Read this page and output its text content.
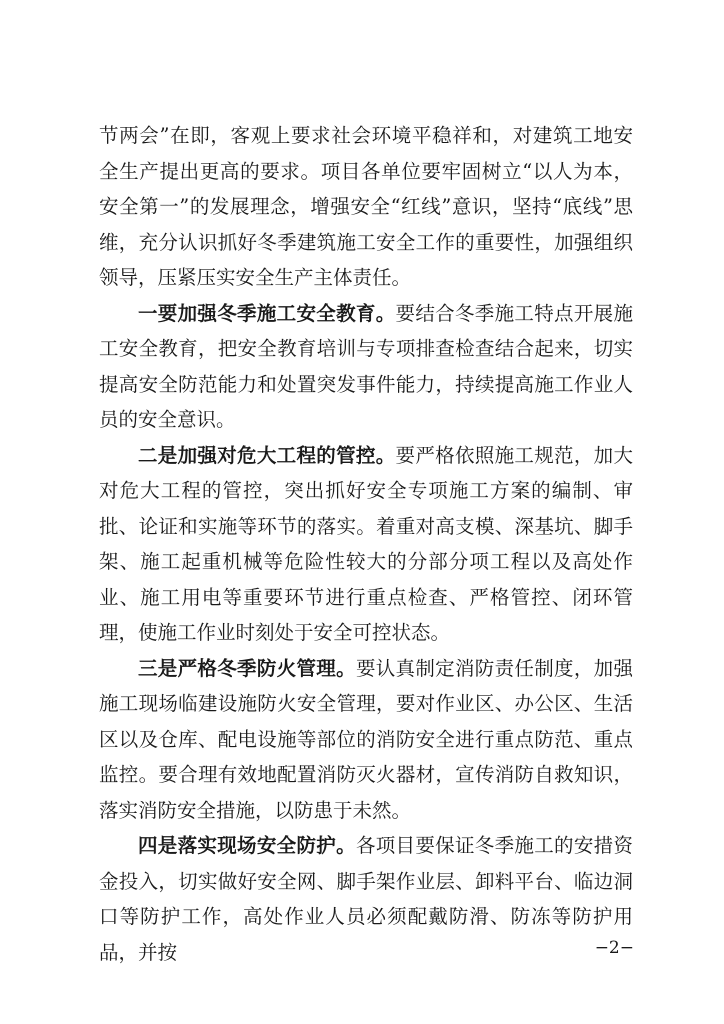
节两会”在即，客观上要求社会环境平稳祥和，对建筑工地安全生产提出更高的要求。项目各单位要牢固树立“以人为本，安全第一”的发展理念，增强安全“红线”意识，坚持“底线”思维，充分认识抓好冬季建筑施工安全工作的重要性，加强组织领导，压紧压实安全生产主体责任。

一要加强冬季施工安全教育。要结合冬季施工特点开展施工安全教育，把安全教育培训与专项排查检查结合起来，切实提高安全防范能力和处置突发事件能力，持续提高施工作业人员的安全意识。

二是加强对危大工程的管控。要严格依照施工规范，加大对危大工程的管控，突出抓好安全专项施工方案的编制、审批、论证和实施等环节的落实。着重对高支模、深基坑、脚手架、施工起重机械等危险性较大的分部分项工程以及高处作业、施工用电等重要环节进行重点检查、严格管控、闭环管理，使施工作业时刻处于安全可控状态。

三是严格冬季防火管理。要认真制定消防责任制度，加强施工现场临建设施防火安全管理，要对作业区、办公区、生活区以及仓库、配电设施等部位的消防安全进行重点防范、重点监控。要合理有效地配置消防灭火器材，宣传消防自救知识，落实消防安全措施，以防患于未然。

四是落实现场安全防护。各项目要保证冬季施工的安措资金投入，切实做好安全网、脚手架作业层、卸料平台、临边洞口等防护工作，高处作业人员必须配戴防滑、防冻等防护用品，并按	−2−
